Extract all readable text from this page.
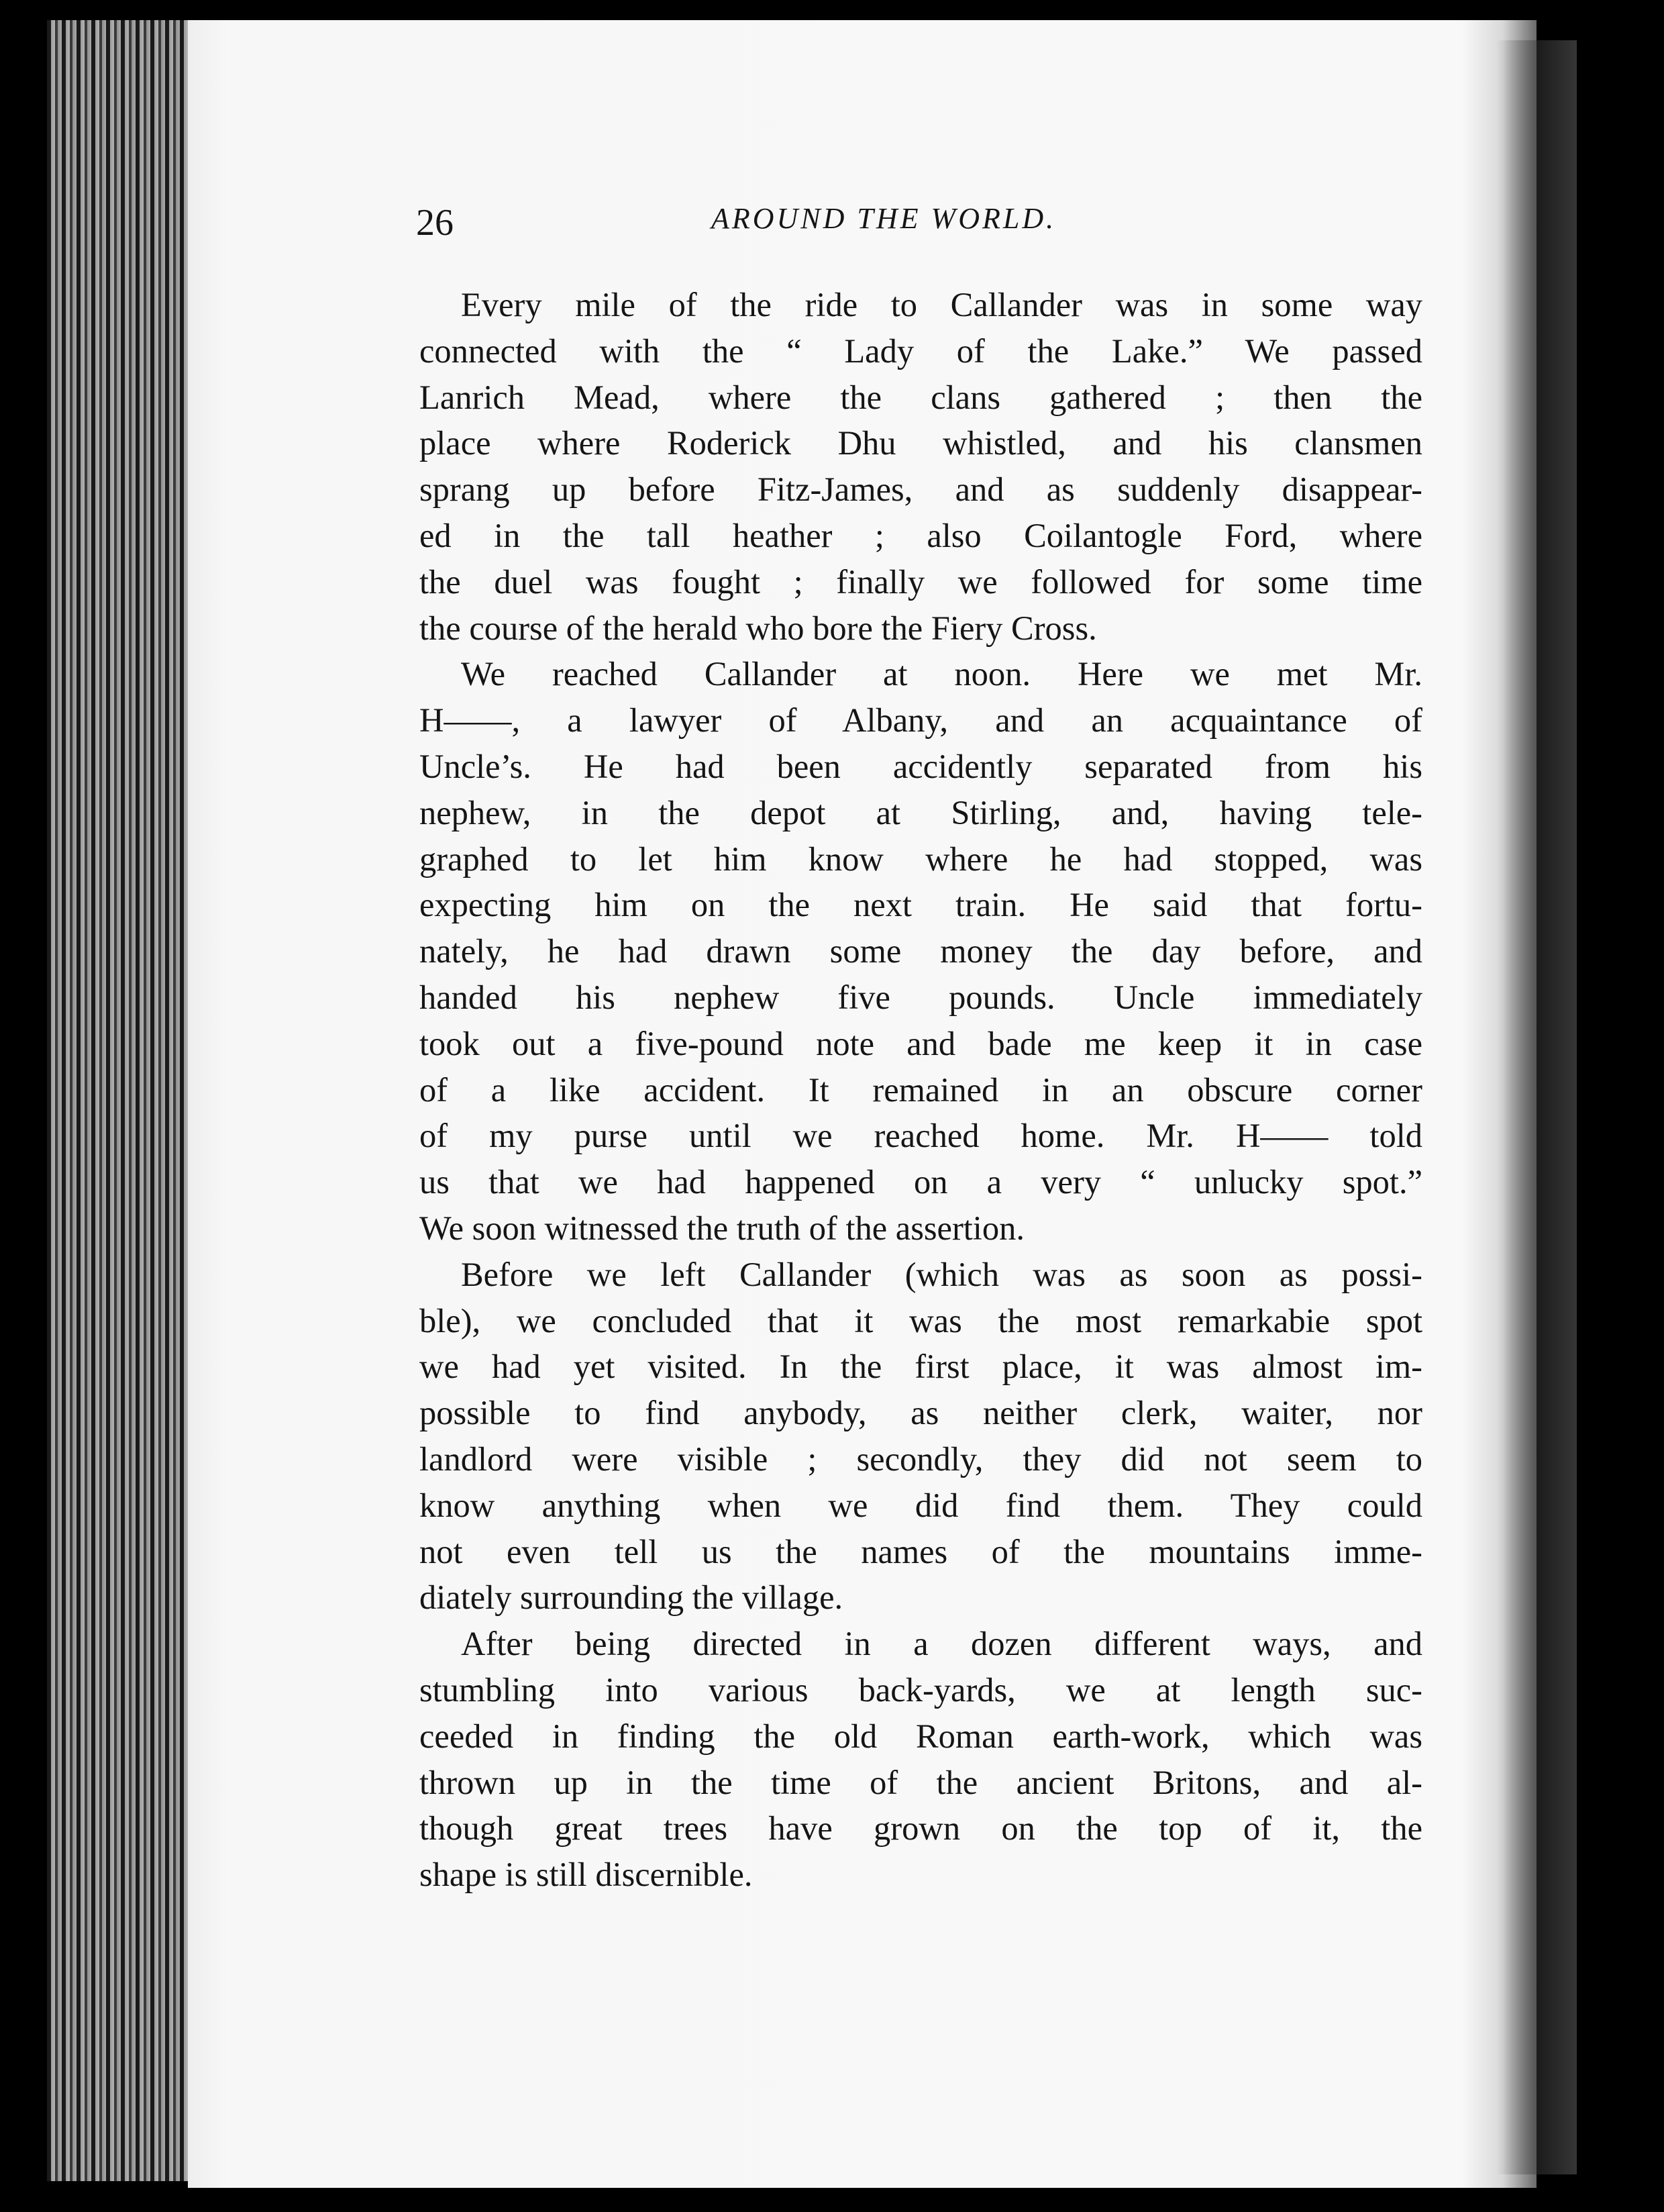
26	AROUND THE WORLD.

Every mile of the ride to Callander was in some way
connected with the “ Lady of the Lake.” We passed
Lanrich Mead, where the clans gathered ; then the
place where Roderick Dhu whistled, and his clansmen
sprang up before Fitz-James, and as suddenly disappear-
ed in the tall heather ; also Coilantogle Ford, where
the duel was fought ; finally we followed for some time
the course of the herald who bore the Fiery Cross.

We reached Callander at noon. Here we met Mr.
H——, a lawyer of Albany, and an acquaintance of
Uncle’s. He had been accidently separated from his
nephew, in the depot at Stirling, and, having tele-
graphed to let him know where he had stopped, was
expecting him on the next train. He said that fortu-
nately, he had drawn some money the day before, and
handed his nephew five pounds. Uncle immediately
took out a five-pound note and bade me keep it in case
of a like accident. It remained in an obscure corner
of my purse until we reached home. Mr. H—— told
us that we had happened on a very “ unlucky spot.”
We soon witnessed the truth of the assertion.

Before we left Callander (which was as soon as possi-
ble), we concluded that it was the most remarkabie spot
we had yet visited. In the first place, it was almost im-
possible to find anybody, as neither clerk, waiter, nor
landlord were visible ; secondly, they did not seem to
know anything when we did find them. They could
not even tell us the names of the mountains imme-
diately surrounding the village.

After being directed in a dozen different ways, and
stumbling into various back-yards, we at length suc-
ceeded in finding the old Roman earth-work, which was
thrown up in the time of the ancient Britons, and al-
though great trees have grown on the top of it, the
shape is still discernible.
